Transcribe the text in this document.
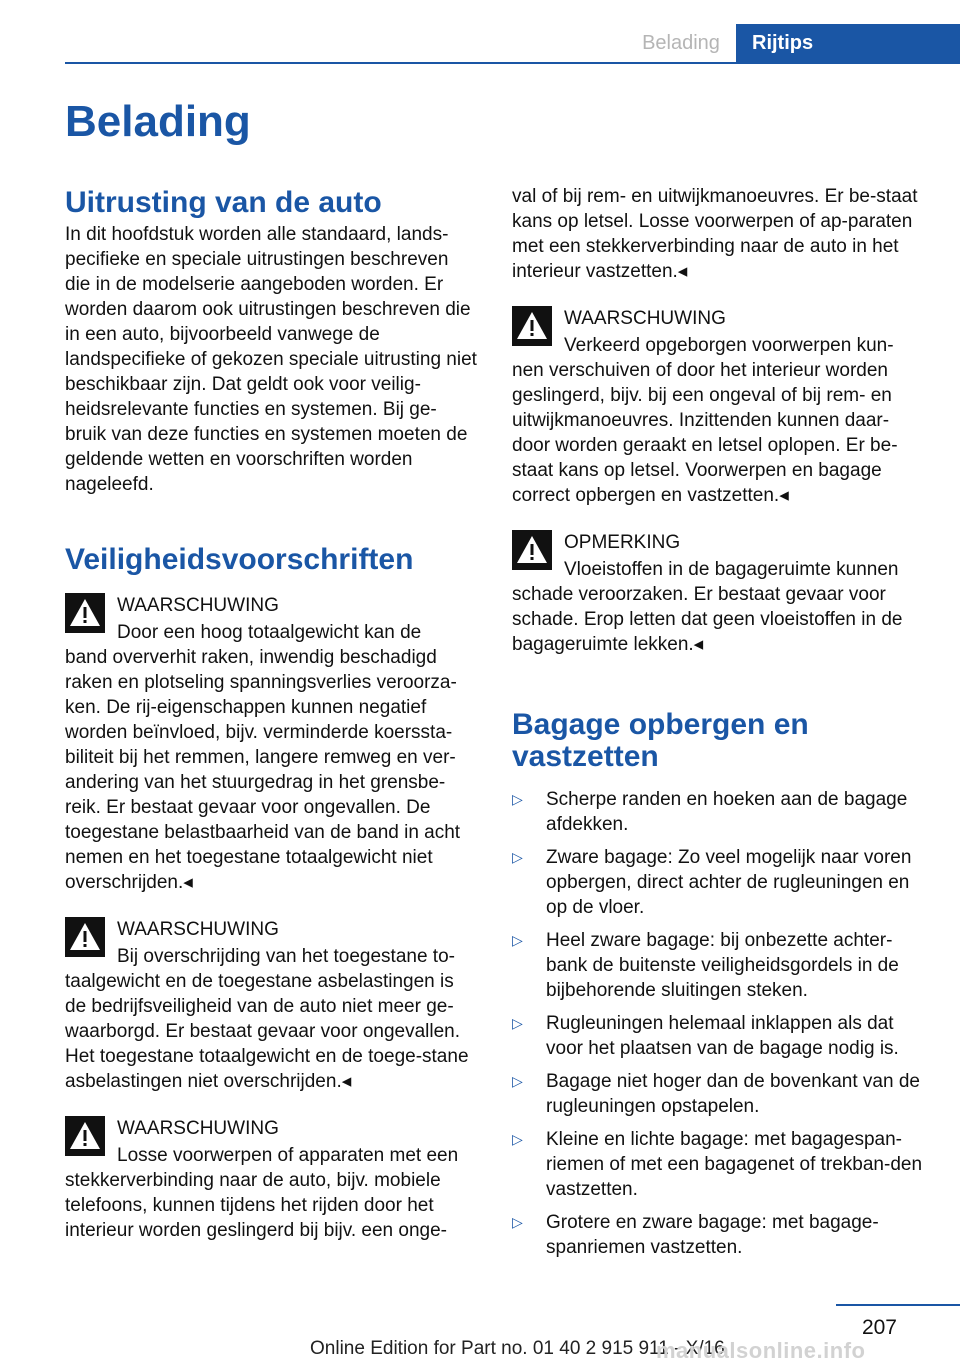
Belading	Rijtips
Belading
Uitrusting van de auto

In dit hoofdstuk worden alle standaard, lands-pecifieke en speciale uitrustingen beschreven die in de modelserie aangeboden worden. Er worden daarom ook uitrustingen beschreven die in een auto, bijvoorbeeld vanwege de landspecifieke of gekozen speciale uitrusting niet beschikbaar zijn. Dat geldt ook voor veilig-heidsrelevante functies en systemen. Bij ge-bruik van deze functies en systemen moeten de geldende wetten en voorschriften worden nageleefd.

Veiligheidsvoorschriften
WAARSCHUWING
Door een hoog totaalgewicht kan de

band oververhit raken, inwendig beschadigd raken en plotseling spanningsverlies veroorza-ken. De rij-eigenschappen kunnen negatief worden beïnvloed, bijv. verminderde koerssta-biliteit bij het remmen, langere remweg en ver-andering van het stuurgedrag in het grensbe-reik. Er bestaat gevaar voor ongevallen. De toegestane belastbaarheid van de band in acht nemen en het toegestane totaalgewicht niet overschrijden.◂

WAARSCHUWING
Bij overschrijding van het toegestane to-

taalgewicht en de toegestane asbelastingen is de bedrijfsveiligheid van de auto niet meer ge-waarborgd. Er bestaat gevaar voor ongevallen. Het toegestane totaalgewicht en de toege-stane asbelastingen niet overschrijden.◂

WAARSCHUWING
Losse voorwerpen of apparaten met een

stekkerverbinding naar de auto, bijv. mobiele telefoons, kunnen tijdens het rijden door het interieur worden geslingerd bij bijv. een onge-

val of bij rem- en uitwijkmanoeuvres. Er be-staat kans op letsel. Losse voorwerpen of ap-paraten met een stekkerverbinding naar de auto in het interieur vastzetten.◂

WAARSCHUWING
Verkeerd opgeborgen voorwerpen kun-

nen verschuiven of door het interieur worden geslingerd, bijv. bij een ongeval of bij rem- en uitwijkmanoeuvres. Inzittenden kunnen daar-door worden geraakt en letsel oplopen. Er be-staat kans op letsel. Voorwerpen en bagage correct opbergen en vastzetten.◂

OPMERKING
Vloeistoffen in de bagageruimte kunnen

schade veroorzaken. Er bestaat gevaar voor schade. Erop letten dat geen vloeistoffen in de bagageruimte lekken.◂

Bagage opbergen en vastzetten
▷	Scherpe randen en hoeken aan de bagage afdekken.
▷	Zware bagage: Zo veel mogelijk naar voren opbergen, direct achter de rugleuningen en op de vloer.
▷	Heel zware bagage: bij onbezette achter-bank de buitenste veiligheidsgordels in de bijbehorende sluitingen steken.
▷	Rugleuningen helemaal inklappen als dat voor het plaatsen van de bagage nodig is.
▷	Bagage niet hoger dan de bovenkant van de rugleuningen opstapelen.
▷	Kleine en lichte bagage: met bagagespan-riemen of met een bagagenet of trekban-den vastzetten.
▷	Grotere en zware bagage: met bagage-spanriemen vastzetten.
207
Online Edition for Part no. 01 40 2 915 911 - X/16
manualsonline.info
